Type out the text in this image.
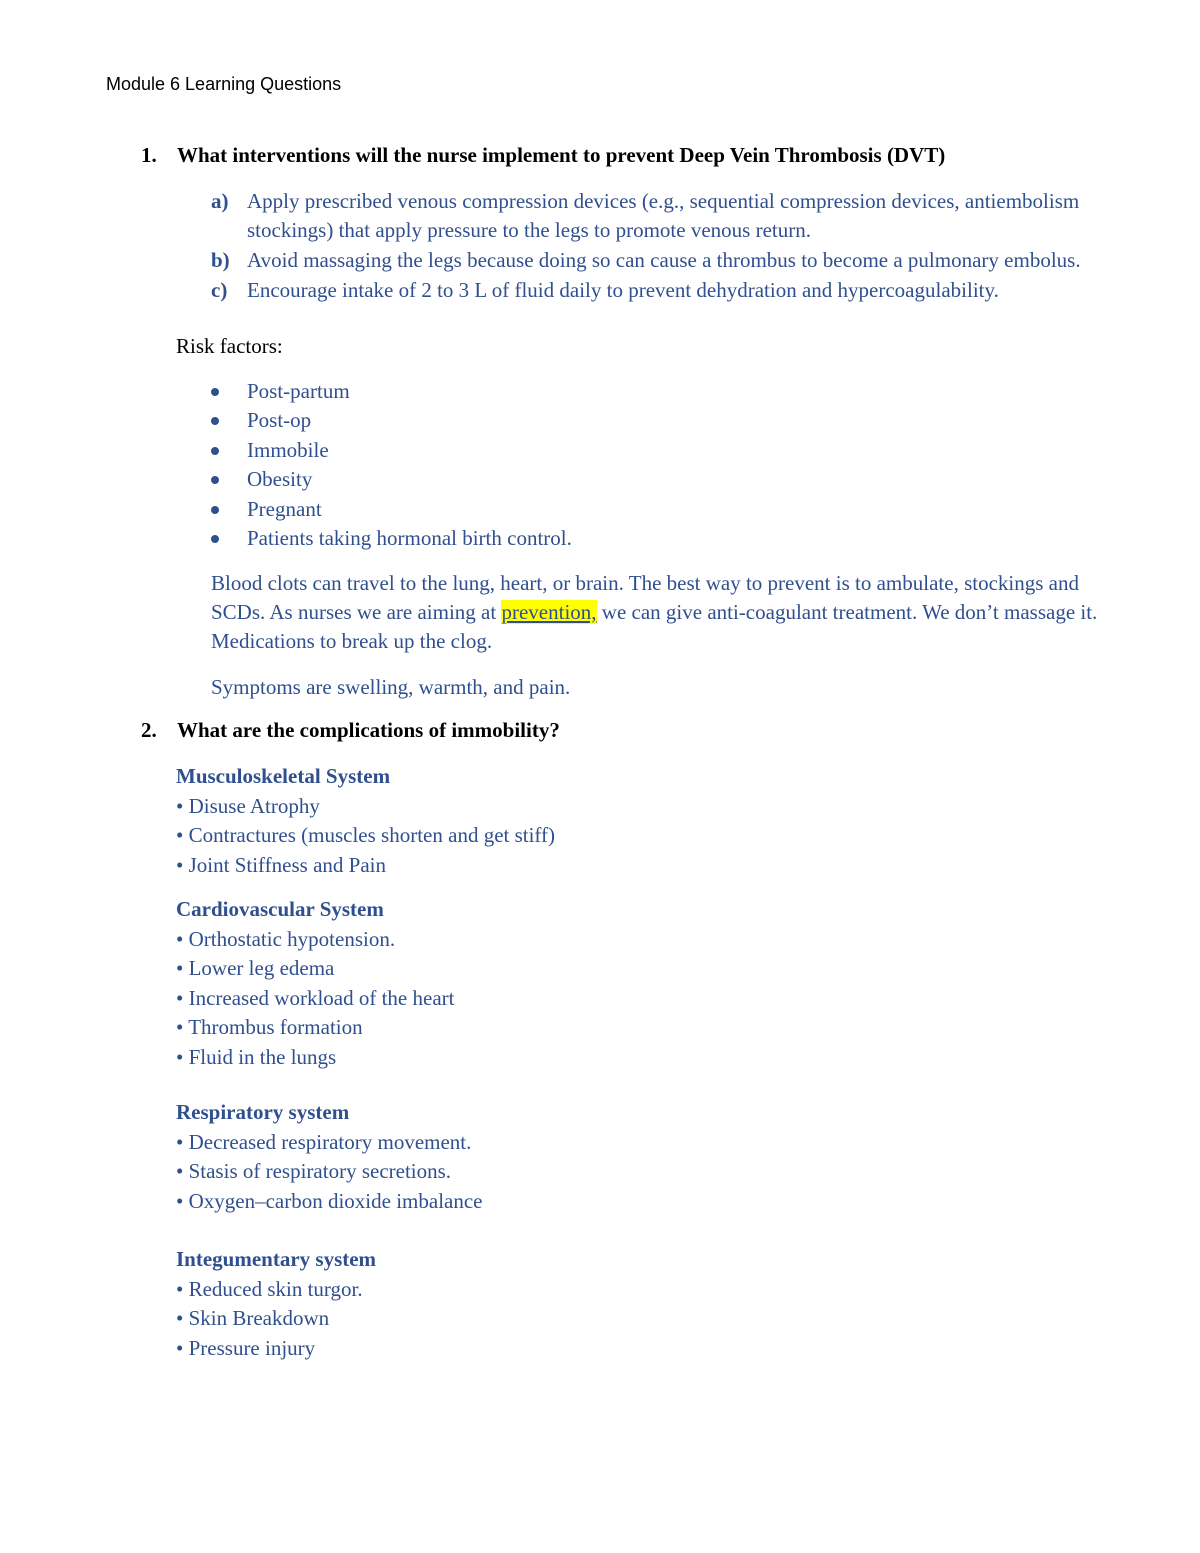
Module 6 Learning Questions
1. What interventions will the nurse implement to prevent Deep Vein Thrombosis (DVT)
a) Apply prescribed venous compression devices (e.g., sequential compression devices, antiembolism stockings) that apply pressure to the legs to promote venous return.
b) Avoid massaging the legs because doing so can cause a thrombus to become a pulmonary embolus.
c) Encourage intake of 2 to 3 L of fluid daily to prevent dehydration and hypercoagulability.
Risk factors:
Post-partum
Post-op
Immobile
Obesity
Pregnant
Patients taking hormonal birth control.
Blood clots can travel to the lung, heart, or brain. The best way to prevent is to ambulate, stockings and SCDs. As nurses we are aiming at prevention, we can give anti-coagulant treatment. We don’t massage it. Medications to break up the clog.
Symptoms are swelling, warmth, and pain.
2. What are the complications of immobility?
Musculoskeletal System
• Disuse Atrophy
• Contractures (muscles shorten and get stiff)
• Joint Stiffness and Pain
Cardiovascular System
• Orthostatic hypotension.
• Lower leg edema
• Increased workload of the heart
• Thrombus formation
• Fluid in the lungs
Respiratory system
• Decreased respiratory movement.
• Stasis of respiratory secretions.
• Oxygen–carbon dioxide imbalance
Integumentary system
• Reduced skin turgor.
• Skin Breakdown
• Pressure injury
